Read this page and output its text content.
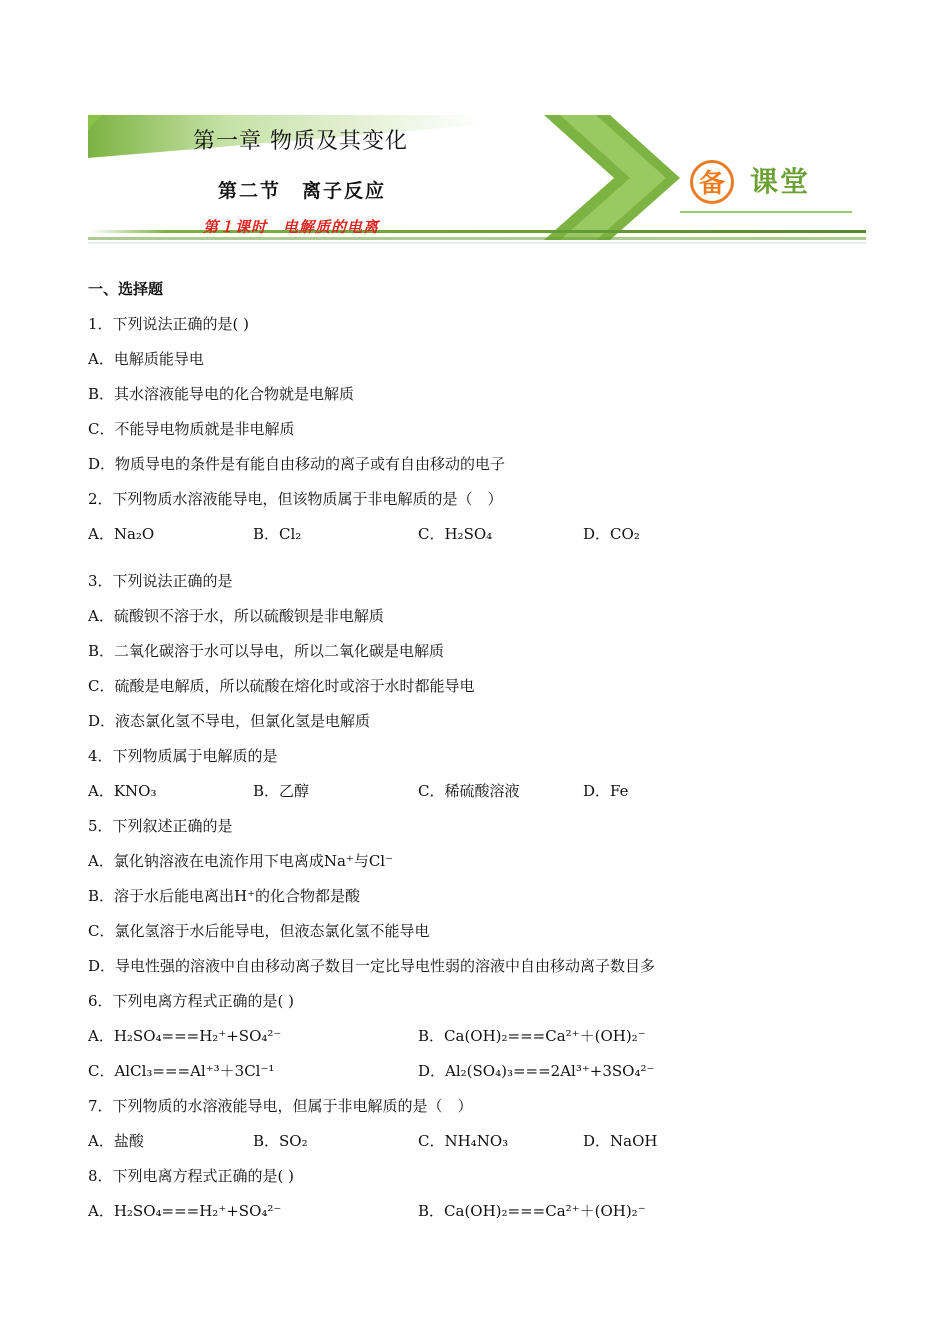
第一章 物质及其变化
第二节　离子反应
第１课时　电解质的电离
备 课堂
一、选择题
1．下列说法正确的是( )
A．电解质能导电
B．其水溶液能导电的化合物就是电解质
C．不能导电物质就是非电解质
D．物质导电的条件是有能自由移动的离子或有自由移动的电子
2．下列物质水溶液能导电，但该物质属于非电解质的是（　）
A．Na₂O	B．Cl₂	C．H₂SO₄	D．CO₂
3．下列说法正确的是
A．硫酸钡不溶于水，所以硫酸钡是非电解质
B．二氧化碳溶于水可以导电，所以二氧化碳是电解质
C．硫酸是电解质，所以硫酸在熔化时或溶于水时都能导电
D．液态氯化氢不导电，但氯化氢是电解质
4．下列物质属于电解质的是
A．KNO₃	B．乙醇	C．稀硫酸溶液	D．Fe
5．下列叙述正确的是
A．氯化钠溶液在电流作用下电离成Na⁺与Cl⁻
B．溶于水后能电离出H⁺的化合物都是酸
C．氯化氢溶于水后能导电，但液态氯化氢不能导电
D．导电性强的溶液中自由移动离子数目一定比导电性弱的溶液中自由移动离子数目多
6．下列电离方程式正确的是( )
A．H₂SO₄===H₂⁺+SO₄²⁻	B．Ca(OH)₂===Ca²⁺＋(OH)₂⁻
C．AlCl₃===Al⁺³＋3Cl⁻¹	D．Al₂(SO₄)₃===2Al³⁺+3SO₄²⁻
7．下列物质的水溶液能导电，但属于非电解质的是（　）
A．盐酸	B．SO₂	C．NH₄NO₃	D．NaOH
8．下列电离方程式正确的是( )
A．H₂SO₄===H₂⁺+SO₄²⁻	B．Ca(OH)₂===Ca²⁺＋(OH)₂⁻
